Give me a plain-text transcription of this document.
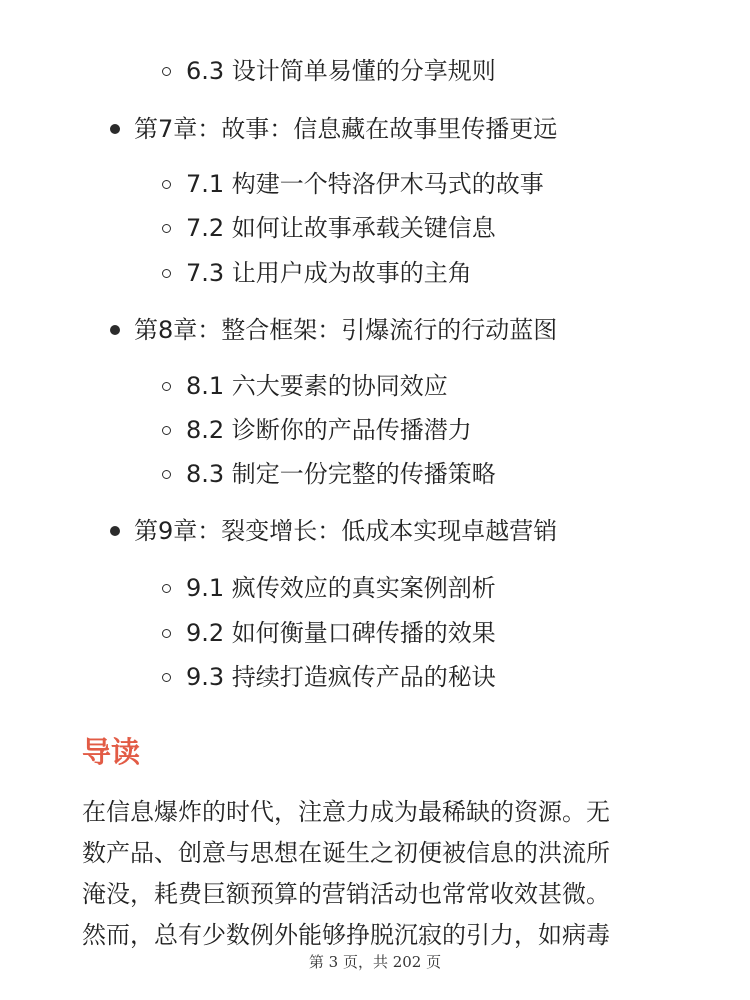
6.3 设计简单易懂的分享规则
第7章：故事：信息藏在故事里传播更远
7.1 构建一个特洛伊木马式的故事
7.2 如何让故事承载关键信息
7.3 让用户成为故事的主角
第8章：整合框架：引爆流行的行动蓝图
8.1 六大要素的协同效应
8.2 诊断你的产品传播潜力
8.3 制定一份完整的传播策略
第9章：裂变增长：低成本实现卓越营销
9.1 疯传效应的真实案例剖析
9.2 如何衡量口碑传播的效果
9.3 持续打造疯传产品的秘诀
导读
在信息爆炸的时代，注意力成为最稀缺的资源。无
数产品、创意与思想在诞生之初便被信息的洪流所
淹没，耗费巨额预算的营销活动也常常收效甚微。
然而，总有少数例外能够挣脱沉寂的引力，如病毒
第 3 页，共 202 页
